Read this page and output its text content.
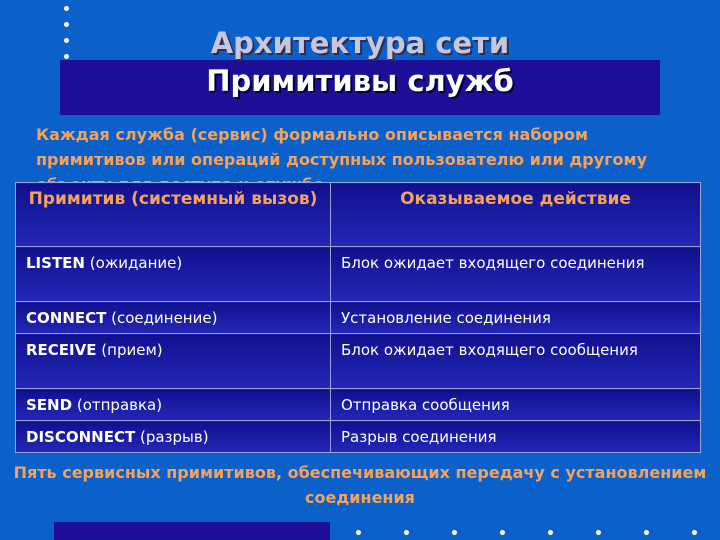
Архитектура сети
Примитивы служб
Каждая служба (сервис) формально описывается набором примитивов или операций доступных пользователю или другому
Примитив (системный вызов)	Оказываемое действие
LISTEN (ожидание)	Блок ожидает входящего соединения
CONNECT (соединение)	Установление соединения
RECEIVE (прием)	Блок ожидает входящего сообщения
SEND (отправка)	Отправка сообщения
DISCONNECT (разрыв)	Разрыв соединения
Пять сервисных примитивов, обеспечивающих передачу с установлением соединения
